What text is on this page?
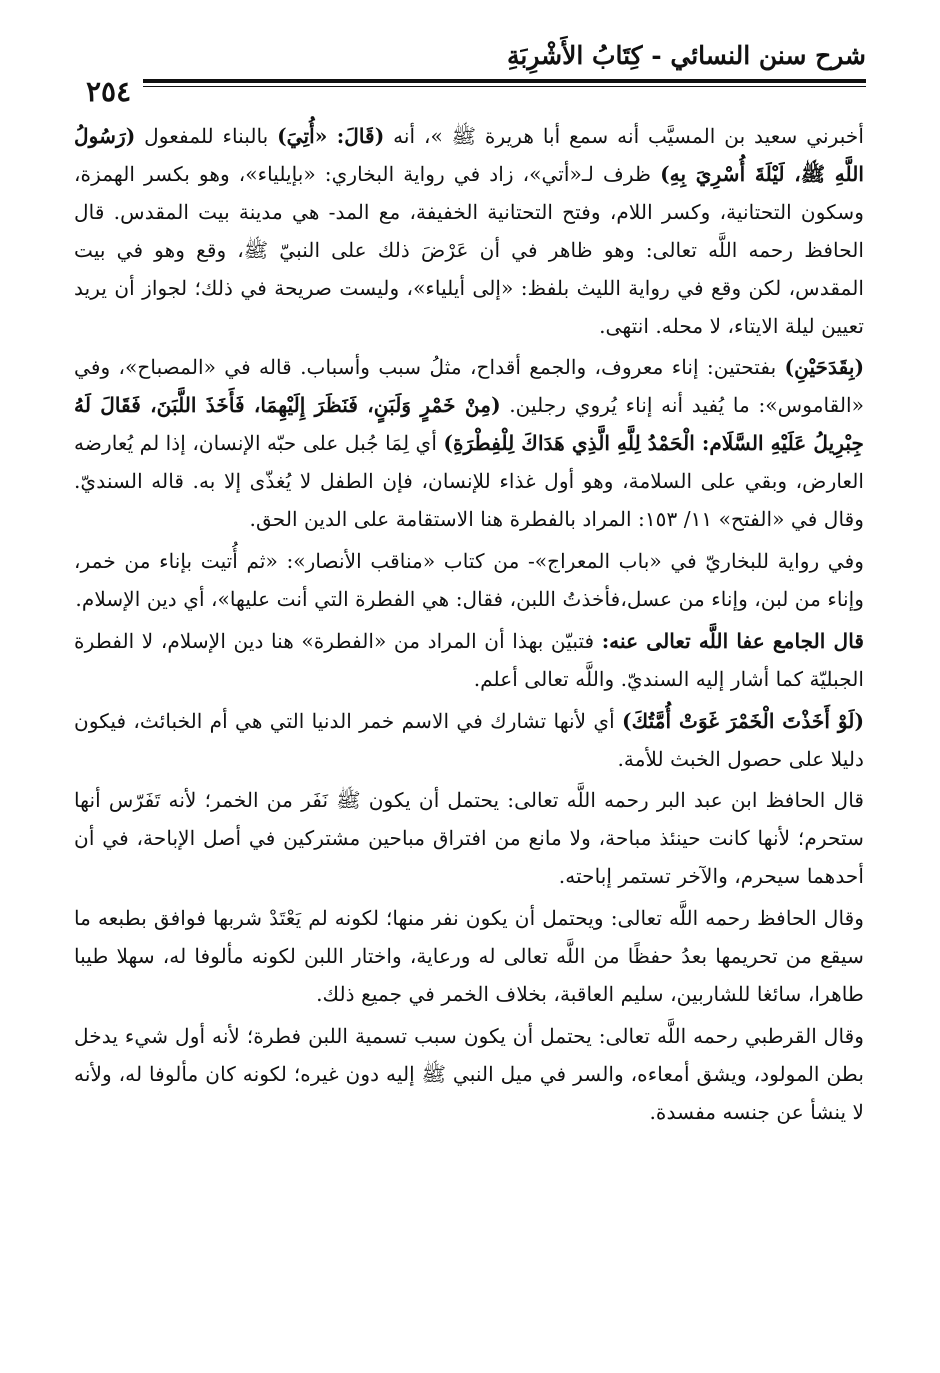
شرح سنن النسائي - كِتَابُ الأَشْرِبَةِ
٢٥٤

أخبرني سعيد بن المسيَّب أنه سمع أبا هريرة ﷺ »، أنه (قَالَ: «أُتِيَ) بالبناء للمفعول (رَسُولُ اللَّهِ ﷺ، لَيْلَةَ أُسْرِيَ بِهِ) ظرف لـ«أتي»، زاد في رواية البخاري: «بإيلياء»، وهو بكسر الهمزة، وسكون التحتانية، وكسر اللام، وفتح التحتانية الخفيفة، مع المد- هي مدينة بيت المقدس. قال الحافظ رحمه اللَّه تعالى: وهو ظاهر في أن عَرْضَ ذلك على النبيّ ﷺ، وقع وهو في بيت المقدس، لكن وقع في رواية الليث بلفظ: «إلى أيلياء»، وليست صريحة في ذلك؛ لجواز أن يريد تعيين ليلة الايتاء، لا محله. انتهى.

(بِقَدَحَيْنِ) بفتحتين: إناء معروف، والجمع أقداح، مثلُ سبب وأسباب. قاله في «المصباح»، وفي «القاموس»: ما يُفيد أنه إناء يُروي رجلين. (مِنْ خَمْرٍ وَلَبَنٍ، فَنَظَرَ إِلَيْهِمَا، فَأَخَذَ اللَّبَنَ، فَقَالَ لَهُ جِبْرِيلُ عَلَيْهِ السَّلَام: الْحَمْدُ لِلَّهِ الَّذِي هَدَاكَ لِلْفِطْرَةِ) أي لِمَا جُبل على حبّه الإنسان، إذا لم يُعارضه العارض، وبقي على السلامة، وهو أول غذاء للإنسان، فإن الطفل لا يُغذّى إلا به. قاله السنديّ. وقال في «الفتح» ١١/ ١٥٣: المراد بالفطرة هنا الاستقامة على الدين الحق.

وفي رواية للبخاريّ في «باب المعراج»- من كتاب «مناقب الأنصار»: «ثم أُتيت بإناء من خمر، وإناء من لبن، وإناء من عسل،فأخذتُ اللبن، فقال: هي الفطرة التي أنت عليها»، أي دين الإسلام.

قال الجامع عفا اللَّه تعالى عنه: فتبيّن بهذا أن المراد من «الفطرة» هنا دين الإسلام، لا الفطرة الجبليّة كما أشار إليه السنديّ. واللَّه تعالى أعلم.

(لَوْ أَخَذْتَ الْخَمْرَ غَوَتْ أُمَّتُكَ) أي لأنها تشارك في الاسم خمر الدنيا التي هي أم الخبائث، فيكون دليلا على حصول الخبث للأمة.

قال الحافظ ابن عبد البر رحمه اللَّه تعالى: يحتمل أن يكون ﷺ نَفَر من الخمر؛ لأنه تَفَرّس أنها ستحرم؛ لأنها كانت حينئذ مباحة، ولا مانع من افتراق مباحين مشتركين في أصل الإباحة، في أن أحدهما سيحرم، والآخر تستمر إباحته.

وقال الحافظ رحمه اللَّه تعالى: ويحتمل أن يكون نفر منها؛ لكونه لم يَعْتَدْ شربها فوافق بطبعه ما سيقع من تحريمها بعدُ حفظًا من اللَّه تعالى له ورعاية، واختار اللبن لكونه مألوفا له، سهلا طيبا طاهرا، سائغا للشاربين، سليم العاقبة، بخلاف الخمر في جميع ذلك.

وقال القرطبي رحمه اللَّه تعالى: يحتمل أن يكون سبب تسمية اللبن فطرة؛ لأنه أول شيء يدخل بطن المولود، ويشق أمعاءه، والسر في ميل النبي ﷺ إليه دون غيره؛ لكونه كان مألوفا له، ولأنه لا ينشأ عن جنسه مفسدة.
